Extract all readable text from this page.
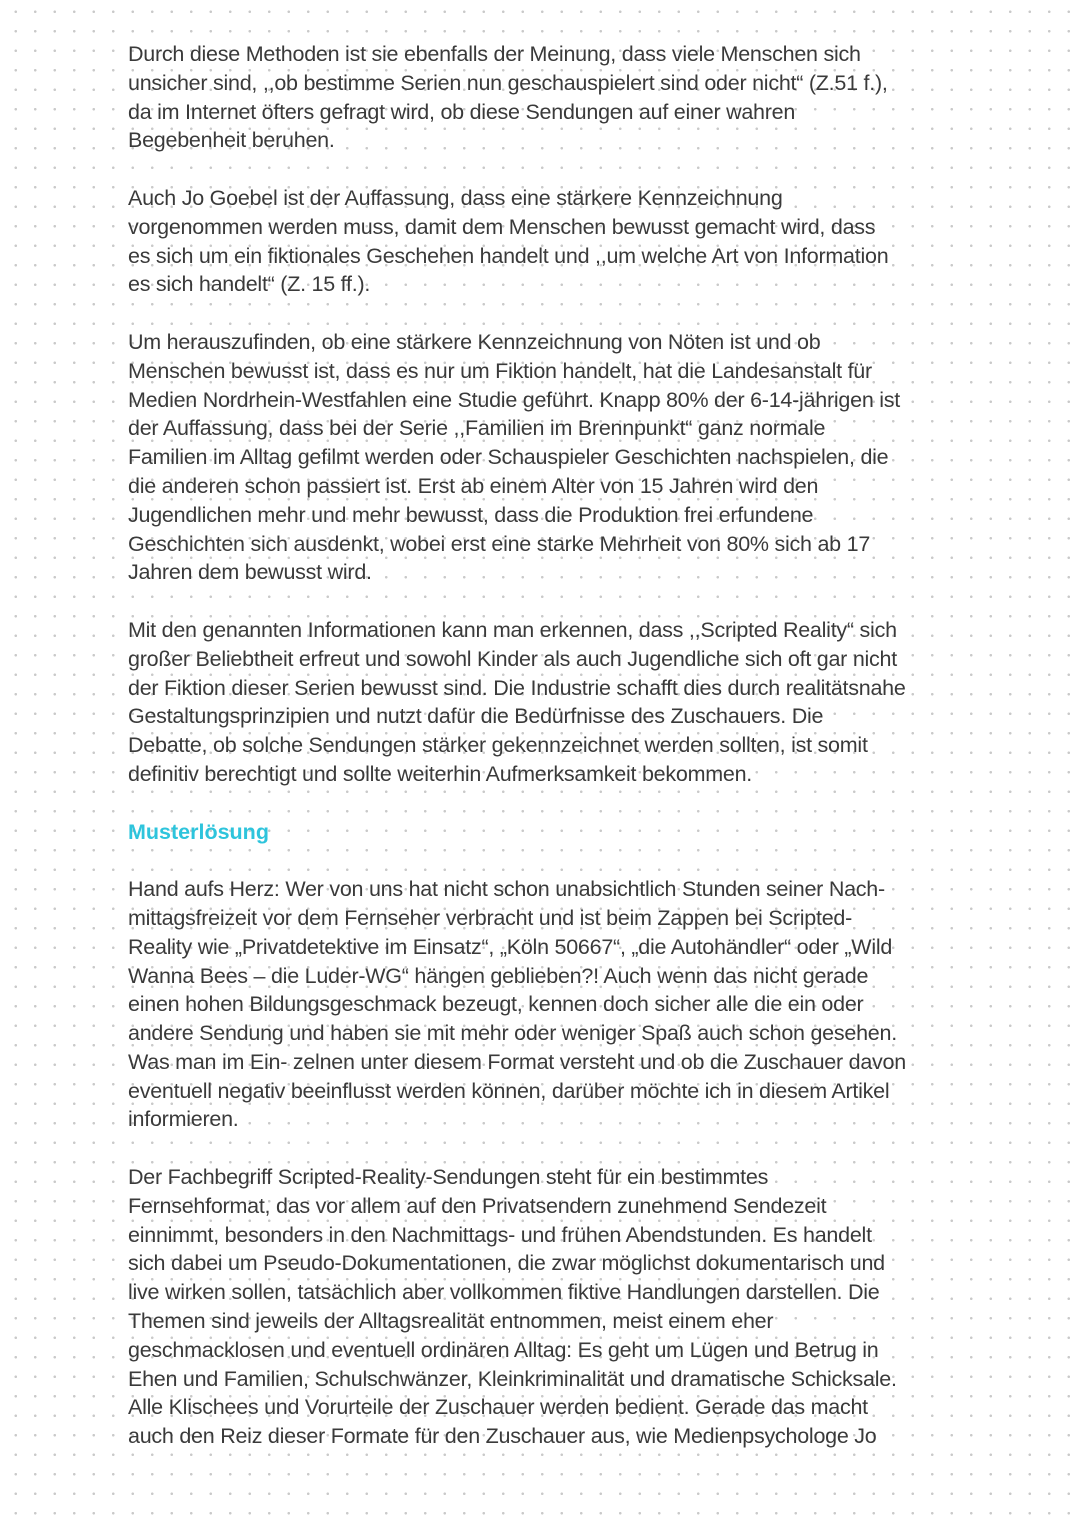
Durch diese Methoden ist sie ebenfalls der Meinung, dass viele Menschen sich
unsicher sind, ,,ob bestimme Serien nun geschauspielert sind oder nicht“ (Z.51 f.),
da im Internet öfters gefragt wird, ob diese Sendungen auf einer wahren
Begebenheit beruhen.

Auch Jo Goebel ist der Auffassung, dass eine stärkere Kennzeichnung
vorgenommen werden muss, damit dem Menschen bewusst gemacht wird, dass
es sich um ein fiktionales Geschehen handelt und ,,um welche Art von Information
es sich handelt“ (Z. 15 ff.).

Um herauszufinden, ob eine stärkere Kennzeichnung von Nöten ist und ob
Menschen bewusst ist, dass es nur um Fiktion handelt, hat die Landesanstalt für
Medien Nordrhein-Westfahlen eine Studie geführt. Knapp 80% der 6-14-jährigen ist
der Auffassung, dass bei der Serie ,,Familien im Brennpunkt“ ganz normale
Familien im Alltag gefilmt werden oder Schauspieler Geschichten nachspielen, die
die anderen schon passiert ist. Erst ab einem Alter von 15 Jahren wird den
Jugendlichen mehr und mehr bewusst, dass die Produktion frei erfundene
Geschichten sich ausdenkt, wobei erst eine starke Mehrheit von 80% sich ab 17
Jahren dem bewusst wird.

Mit den genannten Informationen kann man erkennen, dass ,,Scripted Reality“ sich
großer Beliebtheit erfreut und sowohl Kinder als auch Jugendliche sich oft gar nicht
der Fiktion dieser Serien bewusst sind. Die Industrie schafft dies durch realitätsnahe
Gestaltungsprinzipien und nutzt dafür die Bedürfnisse des Zuschauers. Die
Debatte, ob solche Sendungen stärker gekennzeichnet werden sollten, ist somit
definitiv berechtigt und sollte weiterhin Aufmerksamkeit bekommen.

Musterlösung

Hand aufs Herz: Wer von uns hat nicht schon unabsichtlich Stunden seiner Nach-
mittagsfreizeit vor dem Fernseher verbracht und ist beim Zappen bei Scripted-
Reality wie „Privatdetektive im Einsatz“, „Köln 50667“, „die Autohändler“ oder „Wild
Wanna Bees – die Luder-WG“ hängen geblieben?! Auch wenn das nicht gerade
einen hohen Bildungsgeschmack bezeugt, kennen doch sicher alle die ein oder
andere Sendung und haben sie mit mehr oder weniger Spaß auch schon gesehen.
Was man im Ein- zelnen unter diesem Format versteht und ob die Zuschauer davon
eventuell negativ beeinflusst werden können, darüber möchte ich in diesem Artikel
informieren.

Der Fachbegriff Scripted-Reality-Sendungen steht für ein bestimmtes
Fernsehformat, das vor allem auf den Privatsendern zunehmend Sendezeit
einnimmt, besonders in den Nachmittags- und frühen Abendstunden. Es handelt
sich dabei um Pseudo-Dokumentationen, die zwar möglichst dokumentarisch und
live wirken sollen, tatsächlich aber vollkommen fiktive Handlungen darstellen. Die
Themen sind jeweils der Alltagsrealität entnommen, meist einem eher
geschmacklosen und eventuell ordinären Alltag: Es geht um Lügen und Betrug in
Ehen und Familien, Schulschwänzer, Kleinkriminalität und dramatische Schicksale.
Alle Klischees und Vorurteile der Zuschauer werden bedient. Gerade das macht
auch den Reiz dieser Formate für den Zuschauer aus, wie Medienpsychologe Jo
